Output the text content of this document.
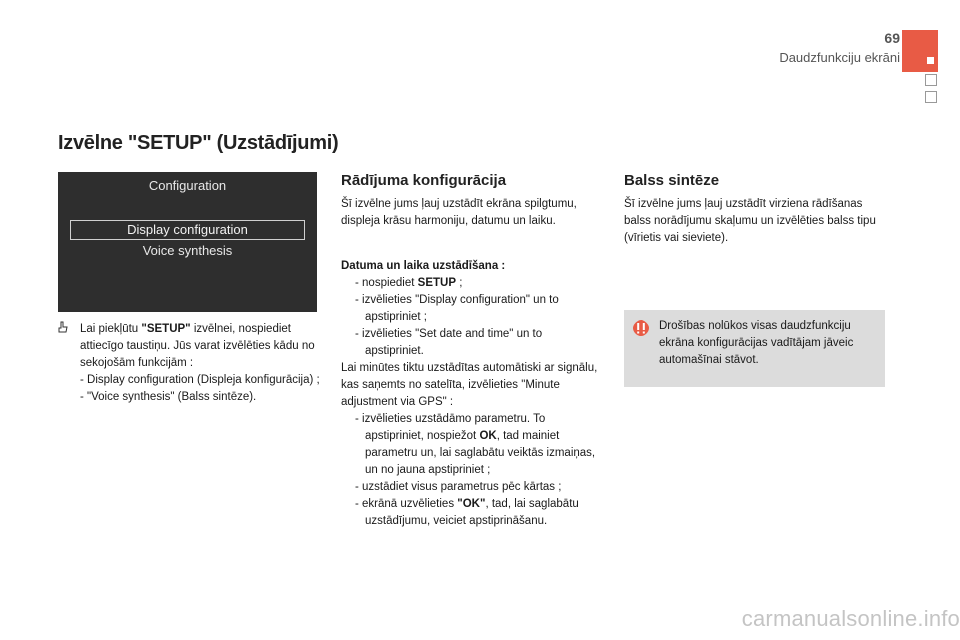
69
Daudzfunkciju ekrāni
Izvēlne "SETUP" (Uzstādījumi)
Configuration
Display configuration
Voice synthesis

Lai piekļūtu "SETUP" izvēlnei, nospiediet attiecīgo taustiņu. Jūs varat izvēlēties kādu no sekojošām funkcijām :

- Display configuration (Displeja konfigurācija) ;

- "Voice synthesis" (Balss sintēze).

Rādījuma konfigurācija

Šī izvēlne jums ļauj uzstādīt ekrāna spilgtumu, displeja krāsu harmoniju, datumu un laiku.

Datuma un laika uzstādīšana :

- nospiediet SETUP ;

- izvēlieties "Display configuration" un to apstipriniet ;

- izvēlieties "Set date and time" un to apstipriniet.

Lai minūtes tiktu uzstādītas automātiski ar signālu, kas saņemts no satelīta, izvēlieties "Minute adjustment via GPS" :

- izvēlieties uzstādāmo parametru. To apstipriniet, nospiežot OK, tad mainiet parametru un, lai saglabātu veiktās izmaiņas, un no jauna apstipriniet ;

- uzstādiet visus parametrus pēc kārtas ;

- ekrānā uzvēlieties "OK", tad, lai saglabātu uzstādījumu, veiciet apstiprināšanu.

Balss sintēze

Šī izvēlne jums ļauj uzstādīt virziena rādīšanas balss norādījumu skaļumu un izvēlēties balss tipu (vīrietis vai sieviete).

Drošības nolūkos visas daudzfunkciju ekrāna konfigurācijas vadītājam jāveic automašīnai stāvot.
carmanualsonline.info
